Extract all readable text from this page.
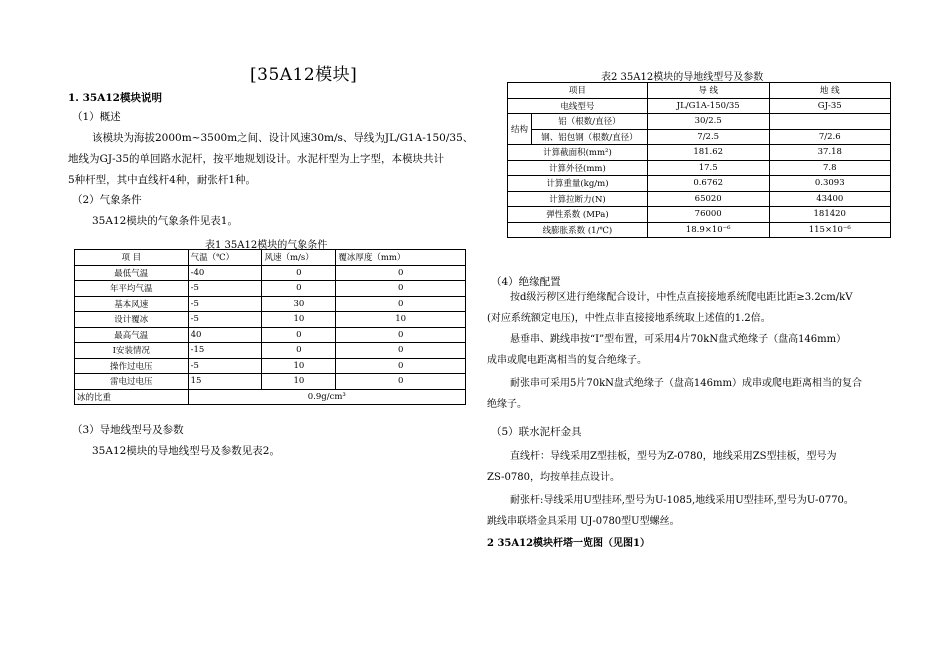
[35A12模块]
1. 35A12模块说明
（1）概述
该模块为海拔2000m~3500m之间、设计风速30m/s、导线为JL/G1A-150/35、
地线为GJ-35的单回路水泥杆，按平地规划设计。水泥杆型为上字型，本模块共计
5种杆型，其中直线杆4种，耐张杆1种。
（2）气象条件
35A12模块的气象条件见表1。
表1 35A12模块的气象条件
项 目	气温（℃）	风速（m/s）	覆冰厚度（mm）
最低气温	-40	0	0
年平均气温	-5	0	0
基本风速	-5	30	0
设计覆冰	-5	10	10
最高气温	40	0	0
I安装情况	-15	0	0
操作过电压	-5	10	0
雷电过电压	15	10	0
冰的比重	0.9g/cm³		
（3）导地线型号及参数
35A12模块的导地线型号及参数见表2。
表2 35A12模块的导地线型号及参数
项目		导 线	地 线
电线型号		JL/G1A-150/35	GJ-35
结构	铝（根数/直径）	30/2.5	
	钢、铝包钢（根数/直径）	7/2.5	7/2.6
计算截面积(mm²)		181.62	37.18
计算外径(mm)		17.5	7.8
计算重量(kg/m)		0.6762	0.3093
计算拉断力(N)		65020	43400
弹性系数 (MPa)		76000	181420
线膨胀系数 (1/℃)		18.9×10⁻⁶	115×10⁻⁶
（4）绝缘配置
按d级污秽区进行绝缘配合设计，中性点直接接地系统爬电距比距≥3.2cm/kV
(对应系统额定电压)，中性点非直接接地系统取上述值的1.2倍。
悬垂串、跳线串按“I”型布置，可采用4片70kN盘式绝缘子（盘高146mm）
成串或爬电距离相当的复合绝缘子。
耐张串可采用5片70kN盘式绝缘子（盘高146mm）成串或爬电距离相当的复合
绝缘子。
（5）联水泥杆金具
直线杆：导线采用Z型挂板，型号为Z-0780，地线采用ZS型挂板，型号为
ZS-0780，均按单挂点设计。
耐张杆:导线采用U型挂环,型号为U-1085,地线采用U型挂环,型号为U-0770。
跳线串联塔金具采用 UJ-0780型U型螺丝。
2 35A12模块杆塔一览图（见图1）
